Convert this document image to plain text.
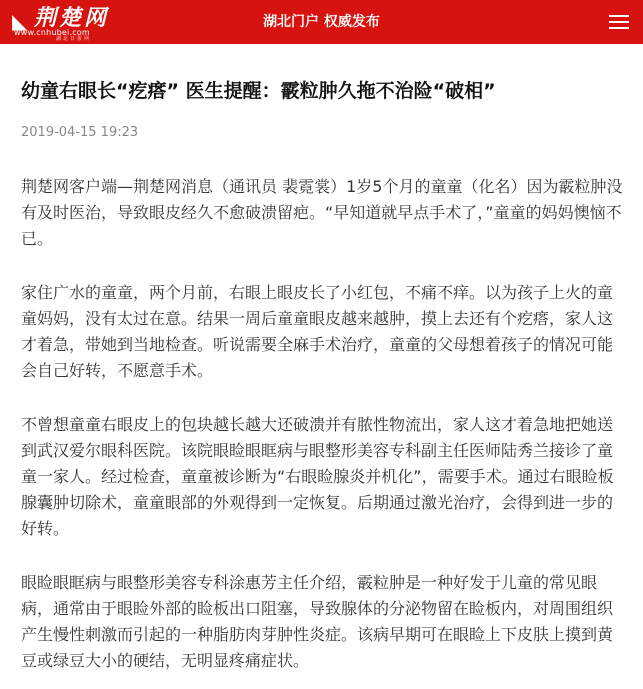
◣ 荆楚网
www.cnhubei.com
湖北日报网
湖北门户 权威发布
幼童右眼长“疙瘩” 医生提醒：霰粒肿久拖不治险“破相”
2019-04-15 19:23

荆楚网客户端—荆楚网消息（通讯员 裴霓裳）1岁5个月的童童（化名）因为霰粒肿没有及时医治，导致眼皮经久不愈破溃留疤。“早知道就早点手术了，”童童的妈妈懊恼不已。

家住广水的童童，两个月前，右眼上眼皮长了小红包，不痛不痒。以为孩子上火的童童妈妈，没有太过在意。结果一周后童童眼皮越来越肿，摸上去还有个疙瘩，家人这才着急，带她到当地检查。听说需要全麻手术治疗，童童的父母想着孩子的情况可能会自己好转，不愿意手术。

不曾想童童右眼皮上的包块越长越大还破溃并有脓性物流出，家人这才着急地把她送到武汉爱尔眼科医院。该院眼睑眼眶病与眼整形美容专科副主任医师陆秀兰接诊了童童一家人。经过检查，童童被诊断为“右眼睑腺炎并机化”，需要手术。通过右眼睑板腺囊肿切除术，童童眼部的外观得到一定恢复。后期通过激光治疗，会得到进一步的好转。

眼睑眼眶病与眼整形美容专科涂惠芳主任介绍，霰粒肿是一种好发于儿童的常见眼病，通常由于眼睑外部的睑板出口阻塞，导致腺体的分泌物留在睑板内，对周围组织产生慢性刺激而引起的一种脂肪肉芽肿性炎症。该病早期可在眼睑上下皮肤上摸到黄豆或绿豆大小的硬结，无明显疼痛症状。
